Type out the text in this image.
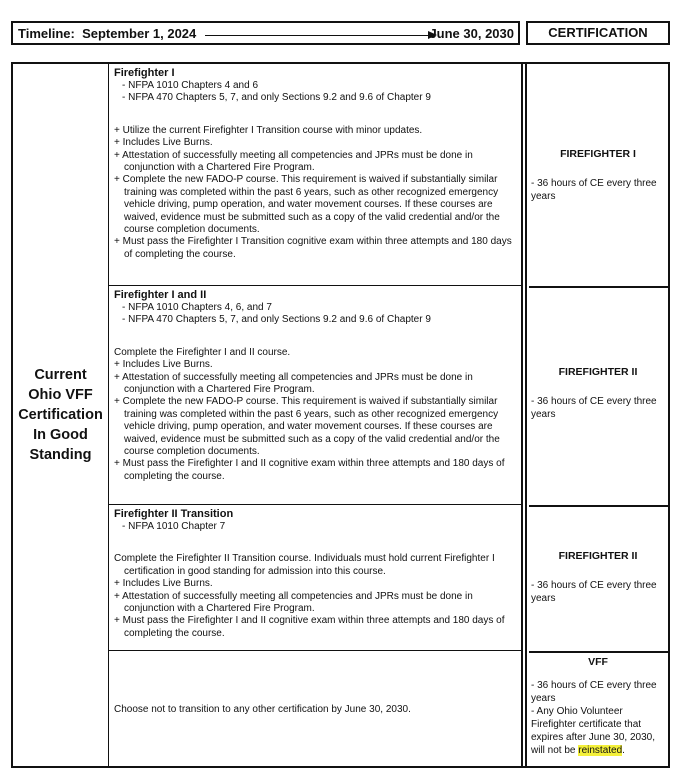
Timeline: September 1, 2024	June 30, 2030	CERTIFICATION
Current
Ohio VFF
Certification
In Good
Standing
Firefighter I
- NFPA 1010 Chapters 4 and 6
- NFPA 470 Chapters 5, 7, and only Sections 9.2 and 9.6 of Chapter 9
+ Utilize the current Firefighter I Transition course with minor updates.
+ Includes Live Burns.
+ Attestation of successfully meeting all competencies and JPRs must be done in conjunction with a Chartered Fire Program.
+ Complete the new FADO-P course. This requirement is waived if substantially similar training was completed within the past 6 years, such as other recognized emergency vehicle driving, pump operation, and water movement courses. If these courses are waived, evidence must be submitted such as a copy of the valid credential and/or the course completion documents.
+ Must pass the Firefighter I Transition cognitive exam within three attempts and 180 days of completing the course.
Firefighter I and II
- NFPA 1010 Chapters 4, 6, and 7
- NFPA 470 Chapters 5, 7, and only Sections 9.2 and 9.6 of Chapter 9
Complete the Firefighter I and II course.
+ Includes Live Burns.
+ Attestation of successfully meeting all competencies and JPRs must be done in conjunction with a Chartered Fire Program.
+ Complete the new FADO-P course. This requirement is waived if substantially similar training was completed within the past 6 years, such as other recognized emergency vehicle driving, pump operation, and water movement courses. If these courses are waived, evidence must be submitted such as a copy of the valid credential and/or the course completion documents.
+ Must pass the Firefighter I and II cognitive exam within three attempts and 180 days of completing the course.
Firefighter II Transition
- NFPA 1010 Chapter 7
Complete the Firefighter II Transition course. Individuals must hold current Firefighter I certification in good standing for admission into this course.
+ Includes Live Burns.
+ Attestation of successfully meeting all competencies and JPRs must be done in conjunction with a Chartered Fire Program.
+ Must pass the Firefighter I and II cognitive exam within three attempts and 180 days of completing the course.
Choose not to transition to any other certification by June 30, 2030.
FIREFIGHTER I
- 36 hours of CE every three years
FIREFIGHTER II
- 36 hours of CE every three years
FIREFIGHTER II
- 36 hours of CE every three years
VFF
- 36 hours of CE every three years
- Any Ohio Volunteer Firefighter certificate that expires after June 30, 2030, will not be reinstated.
